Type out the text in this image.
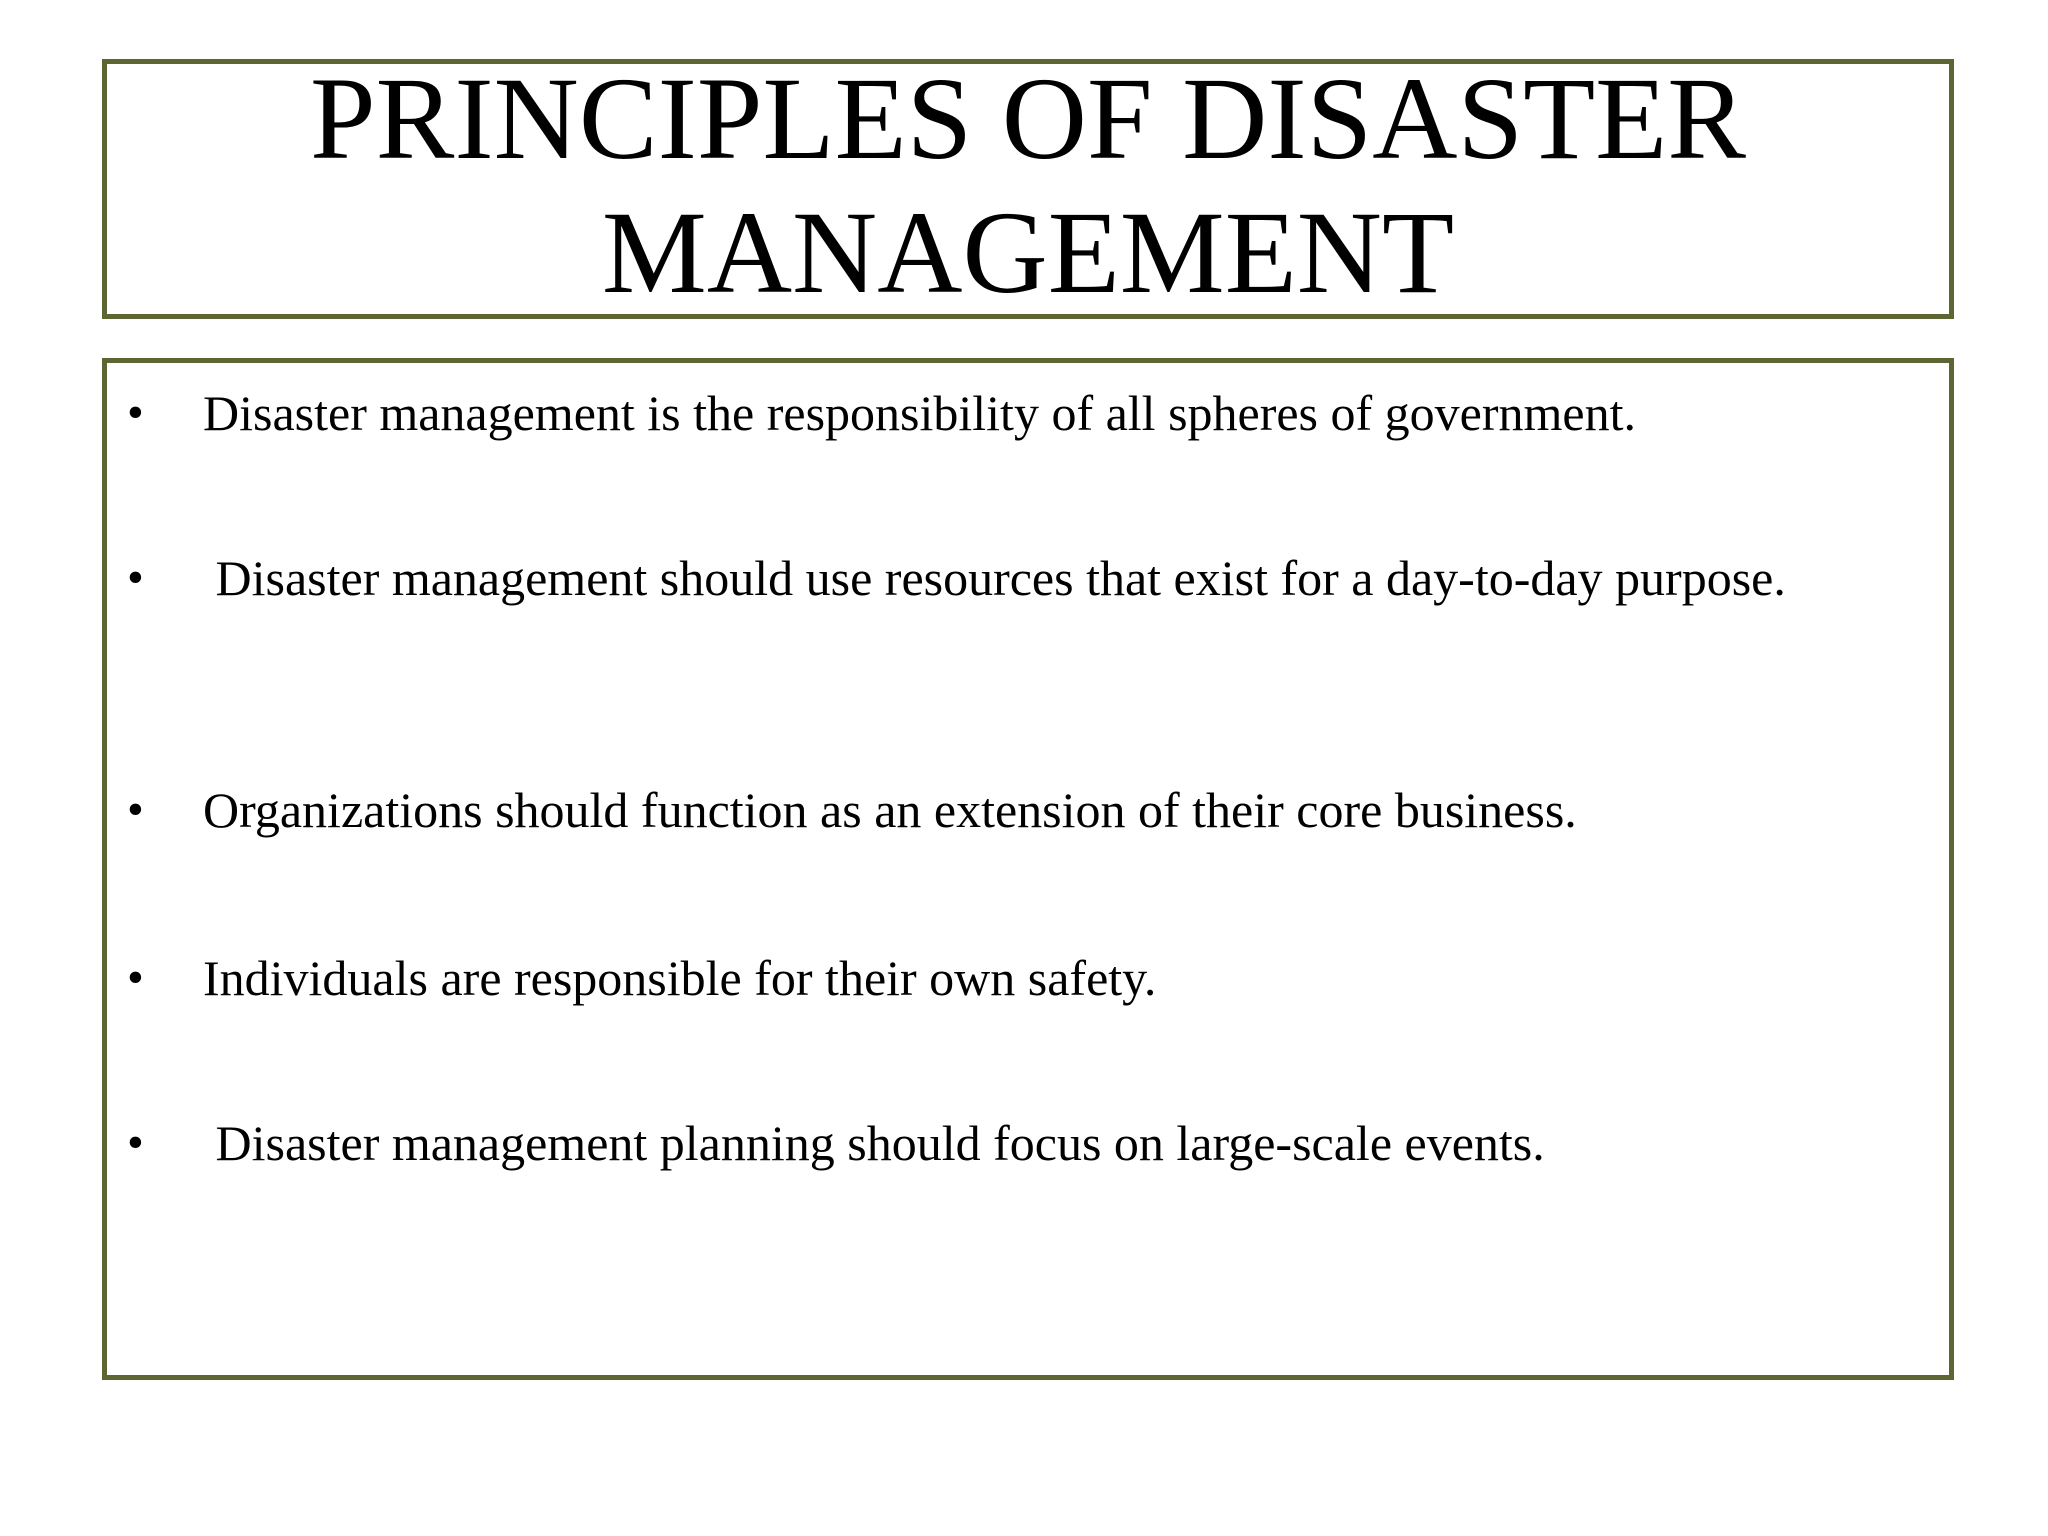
PRINCIPLES OF DISASTER MANAGEMENT
• Disaster management is the responsibility of all spheres of government.
• Disaster management should use resources that exist for a day-to-day purpose.
• Organizations should function as an extension of their core business.
• Individuals are responsible for their own safety.
• Disaster management planning should focus on large-scale events.
